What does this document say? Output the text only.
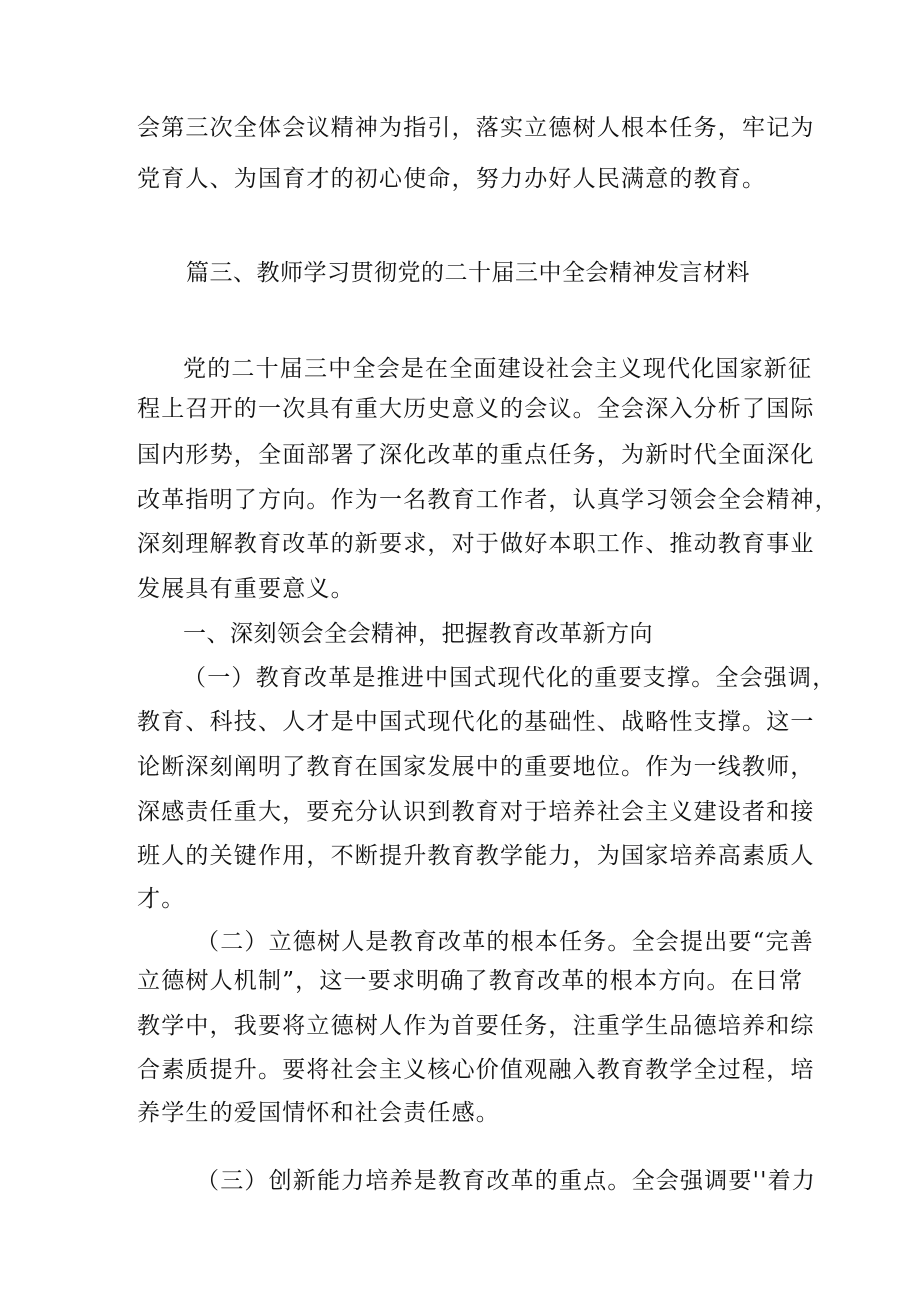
会第三次全体会议精神为指引，落实立德树人根本任务，牢记为
党育人、为国育才的初心使命，努力办好人民满意的教育。
篇三、教师学习贯彻党的二十届三中全会精神发言材料
党的二十届三中全会是在全面建设社会主义现代化国家新征
程上召开的一次具有重大历史意义的会议。全会深入分析了国际
国内形势，全面部署了深化改革的重点任务，为新时代全面深化
改革指明了方向。作为一名教育工作者，认真学习领会全会精神，
深刻理解教育改革的新要求，对于做好本职工作、推动教育事业
发展具有重要意义。
一、深刻领会全会精神，把握教育改革新方向
（一）教育改革是推进中国式现代化的重要支撑。全会强调，
教育、科技、人才是中国式现代化的基础性、战略性支撑。这一
论断深刻阐明了教育在国家发展中的重要地位。作为一线教师，
深感责任重大，要充分认识到教育对于培养社会主义建设者和接
班人的关键作用，不断提升教育教学能力，为国家培养高素质人
才。
（二）立德树人是教育改革的根本任务。全会提出要“完善
立德树人机制”，这一要求明确了教育改革的根本方向。在日常
教学中，我要将立德树人作为首要任务，注重学生品德培养和综
合素质提升。要将社会主义核心价值观融入教育教学全过程，培
养学生的爱国情怀和社会责任感。
（三）创新能力培养是教育改革的重点。全会强调要''着力
